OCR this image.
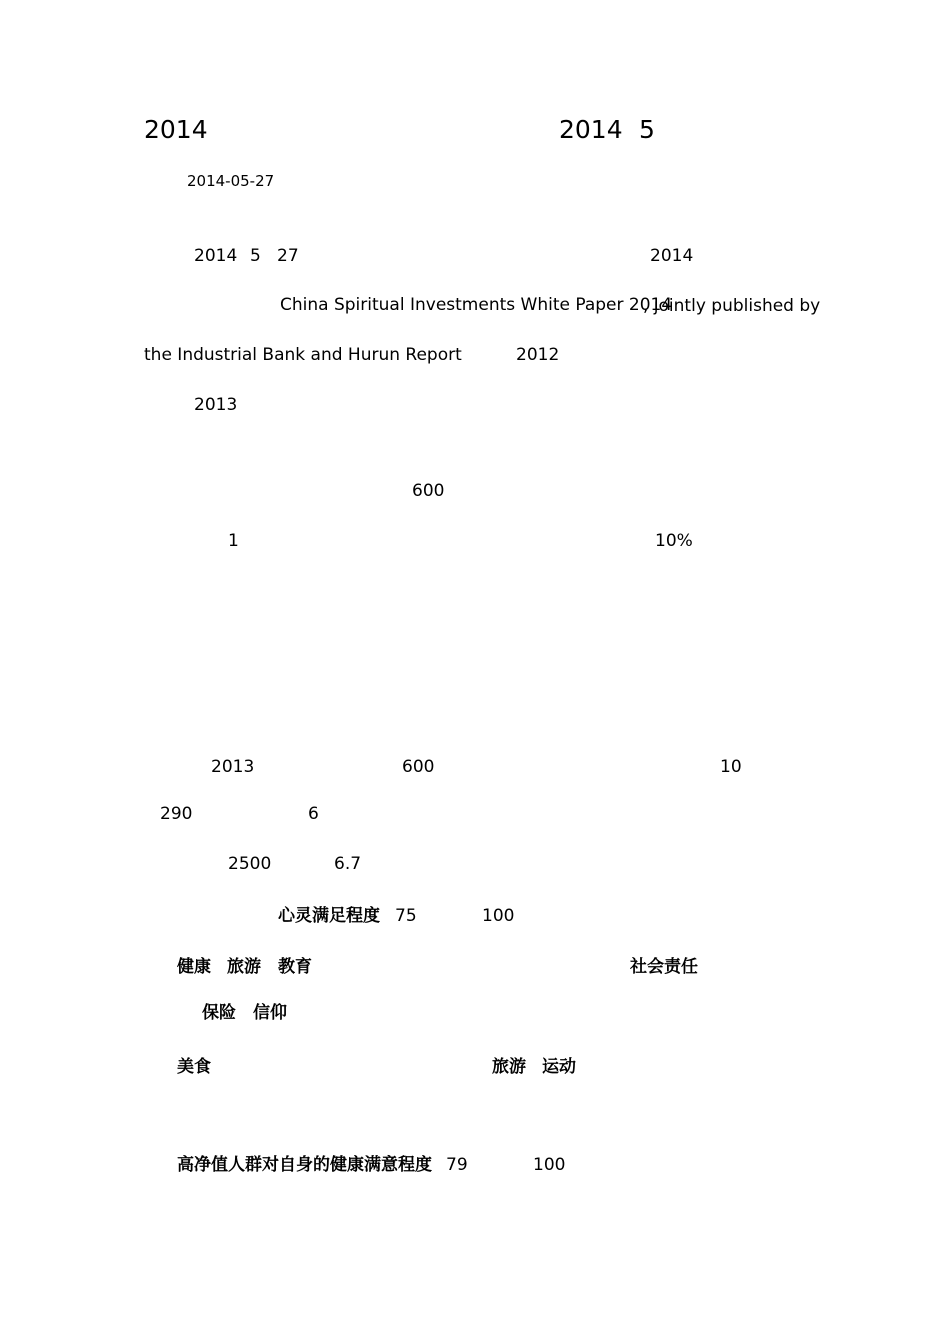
2014	2014 5
2014-05-27
2014 5 27	2014
China Spiritual Investments White Paper 2014
, jointly published by
the Industrial Bank and Hurun Report	2012
2013
600
1	10%
2013	600	10
290	6
2500	6.7
心灵满足程度 75	100
健康 旅游 教育	社会责任
保险 信仰
美食	旅游 运动
高净值人群对自身的健康满意程度 79	100
